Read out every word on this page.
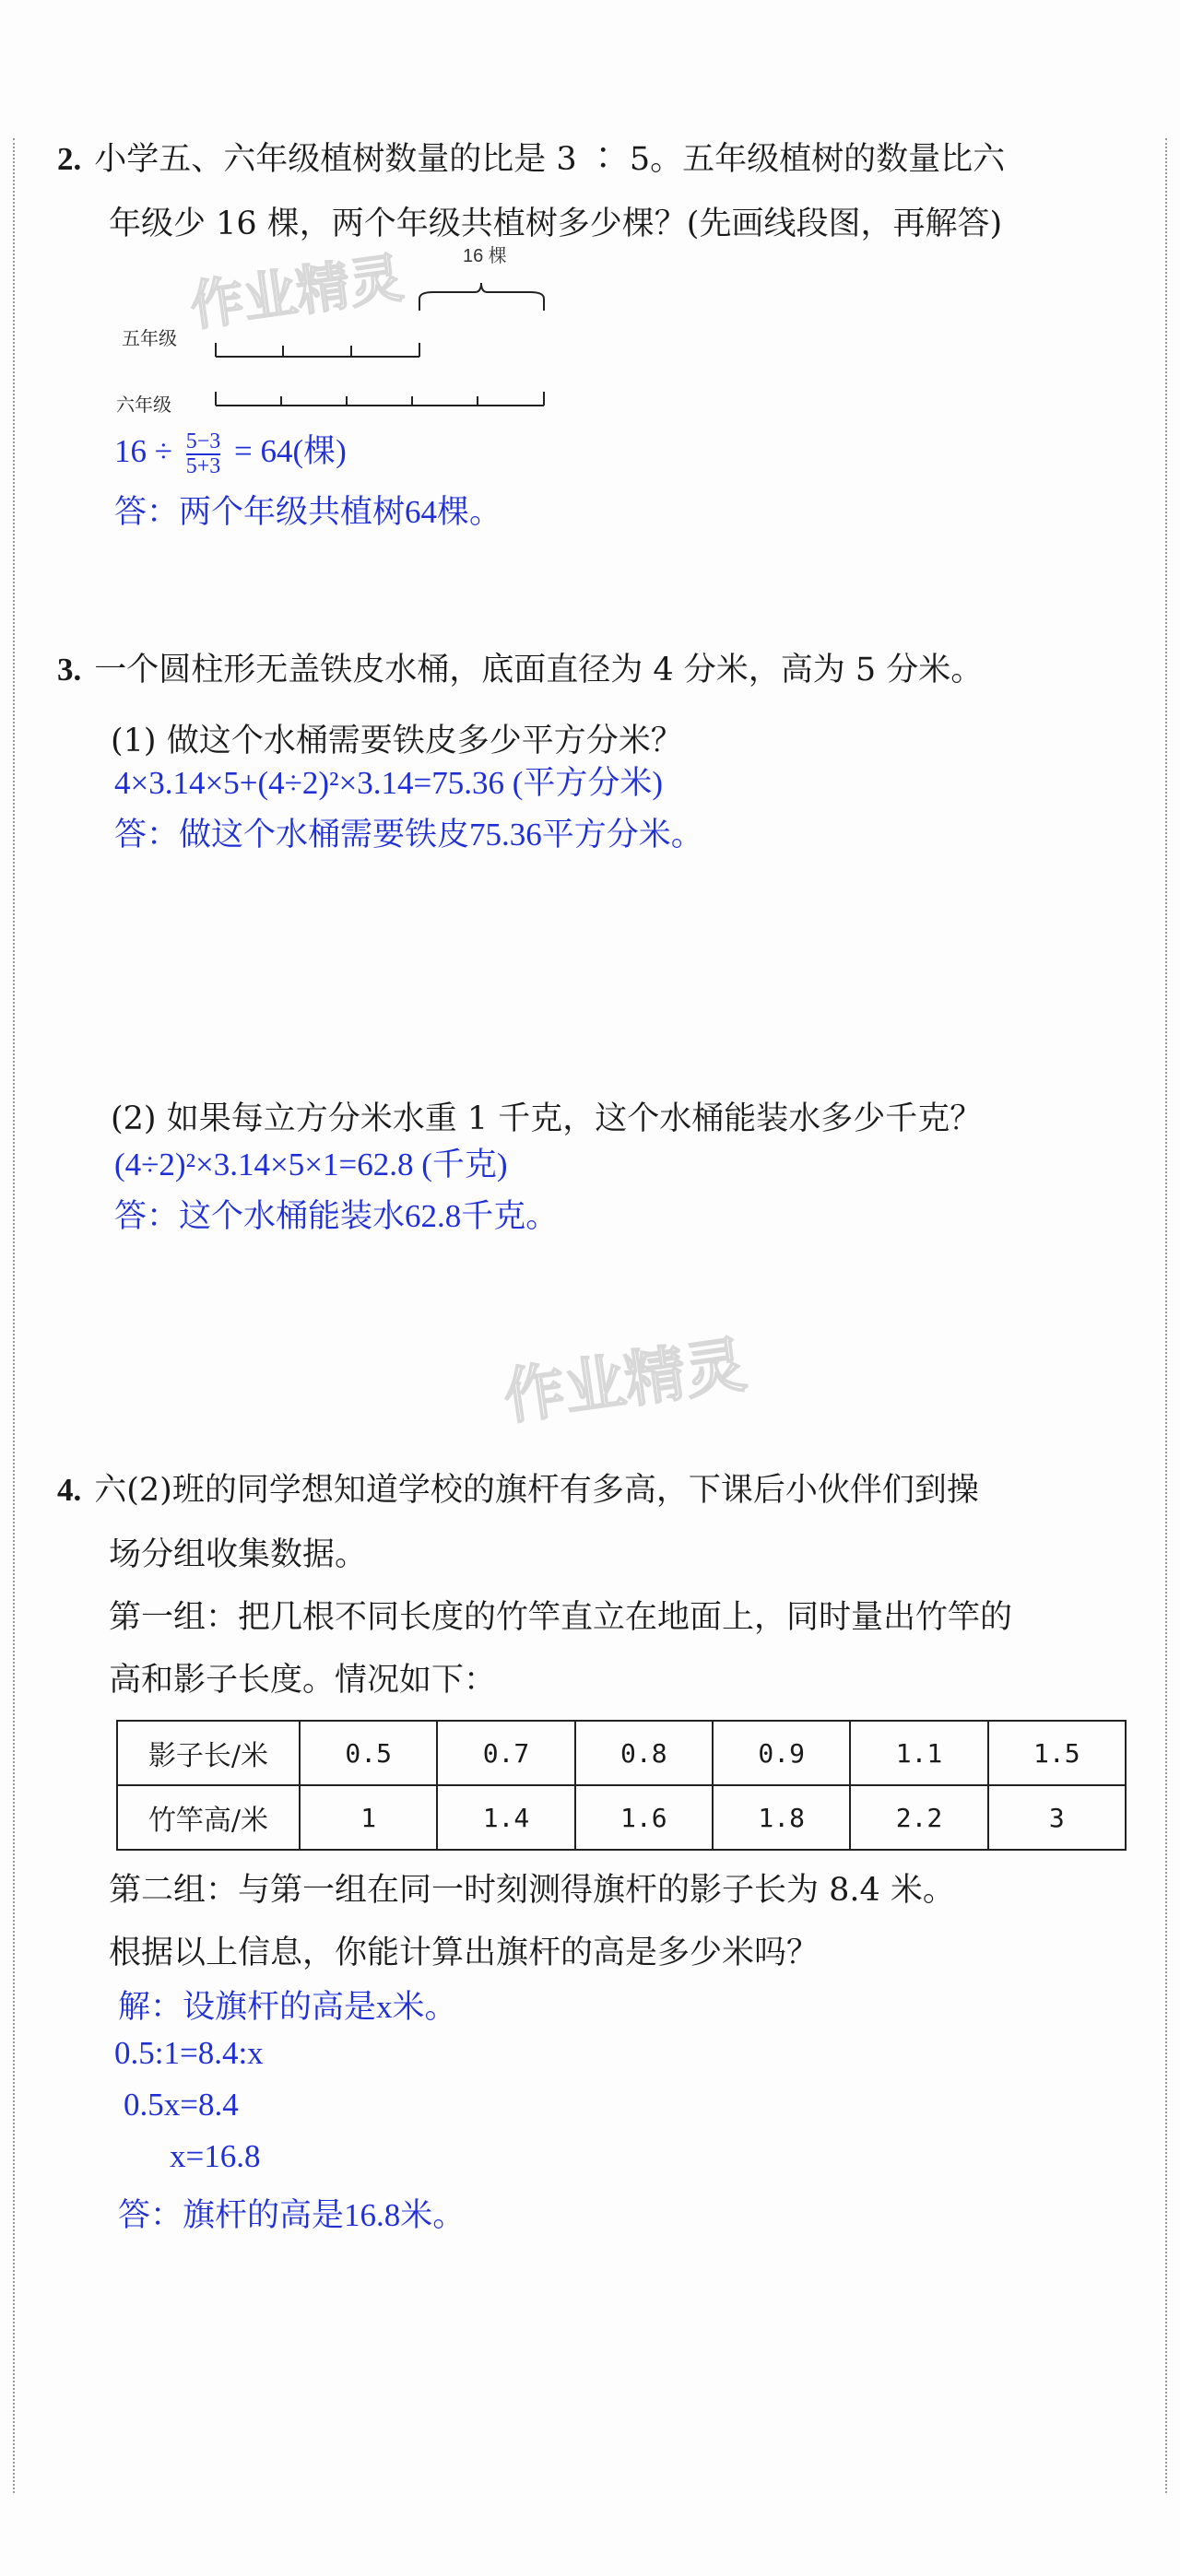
2. 小学五、六年级植树数量的比是 3 ∶ 5。五年级植树的数量比六
年级少 16 棵，两个年级共植树多少棵？(先画线段图，再解答)
作业精灵	16 棵
五年级
六年级
$16 \div \frac{5-3}{5+3} = 64$(棵)
答：两个年级共植树64棵。
3. 一个圆柱形无盖铁皮水桶，底面直径为 4 分米，高为 5 分米。
(1) 做这个水桶需要铁皮多少平方分米？
4×3.14×5+(4÷2)²×3.14=75.36 (平方分米)
答：做这个水桶需要铁皮75.36平方分米。
(2) 如果每立方分米水重 1 千克，这个水桶能装水多少千克？
(4÷2)²×3.14×5×1=62.8 (千克)
答：这个水桶能装水62.8千克。
作业精灵
4. 六(2)班的同学想知道学校的旗杆有多高，下课后小伙伴们到操
场分组收集数据。
第一组：把几根不同长度的竹竿直立在地面上，同时量出竹竿的
高和影子长度。情况如下：
影子长/米	0.5	0.7	0.8	0.9	1.1	1.5
竹竿高/米	1	1.4	1.6	1.8	2.2	3
第二组：与第一组在同一时刻测得旗杆的影子长为 8.4 米。
根据以上信息，你能计算出旗杆的高是多少米吗？
解：设旗杆的高是x米。
0.5:1=8.4:x
0.5x=8.4
x=16.8
答：旗杆的高是16.8米。
